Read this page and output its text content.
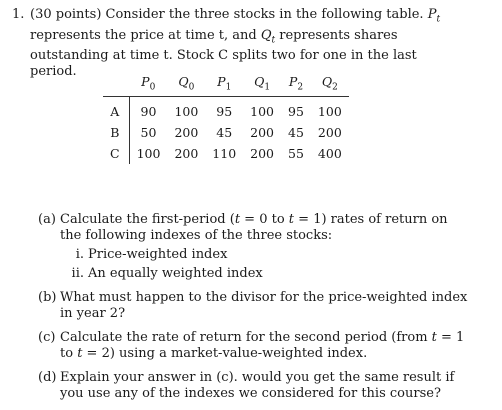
1. (30 points) Consider the three stocks in the following table. $P_t$ represents the price at time t, and $Q_t$ represents shares outstanding at time t. Stock C splits two for one in the last period.
	$P_0$	$Q_0$	$P_1$	$Q_1$	$P_2$	$Q_2$
A	90	100	95	100	95	100
B	50	200	45	200	45	200
C	100	200	110	200	55	400
(a) Calculate the first-period (t = 0 to t = 1) rates of return on the following indexes of the three stocks:
i. Price-weighted index
ii. An equally weighted index
(b) What must happen to the divisor for the price-weighted index in year 2?
(c) Calculate the rate of return for the second period (from t = 1 to t = 2) using a market-value-weighted index.
(d) Explain your answer in (c). would you get the same result if you use any of the indexes we considered for this course?
